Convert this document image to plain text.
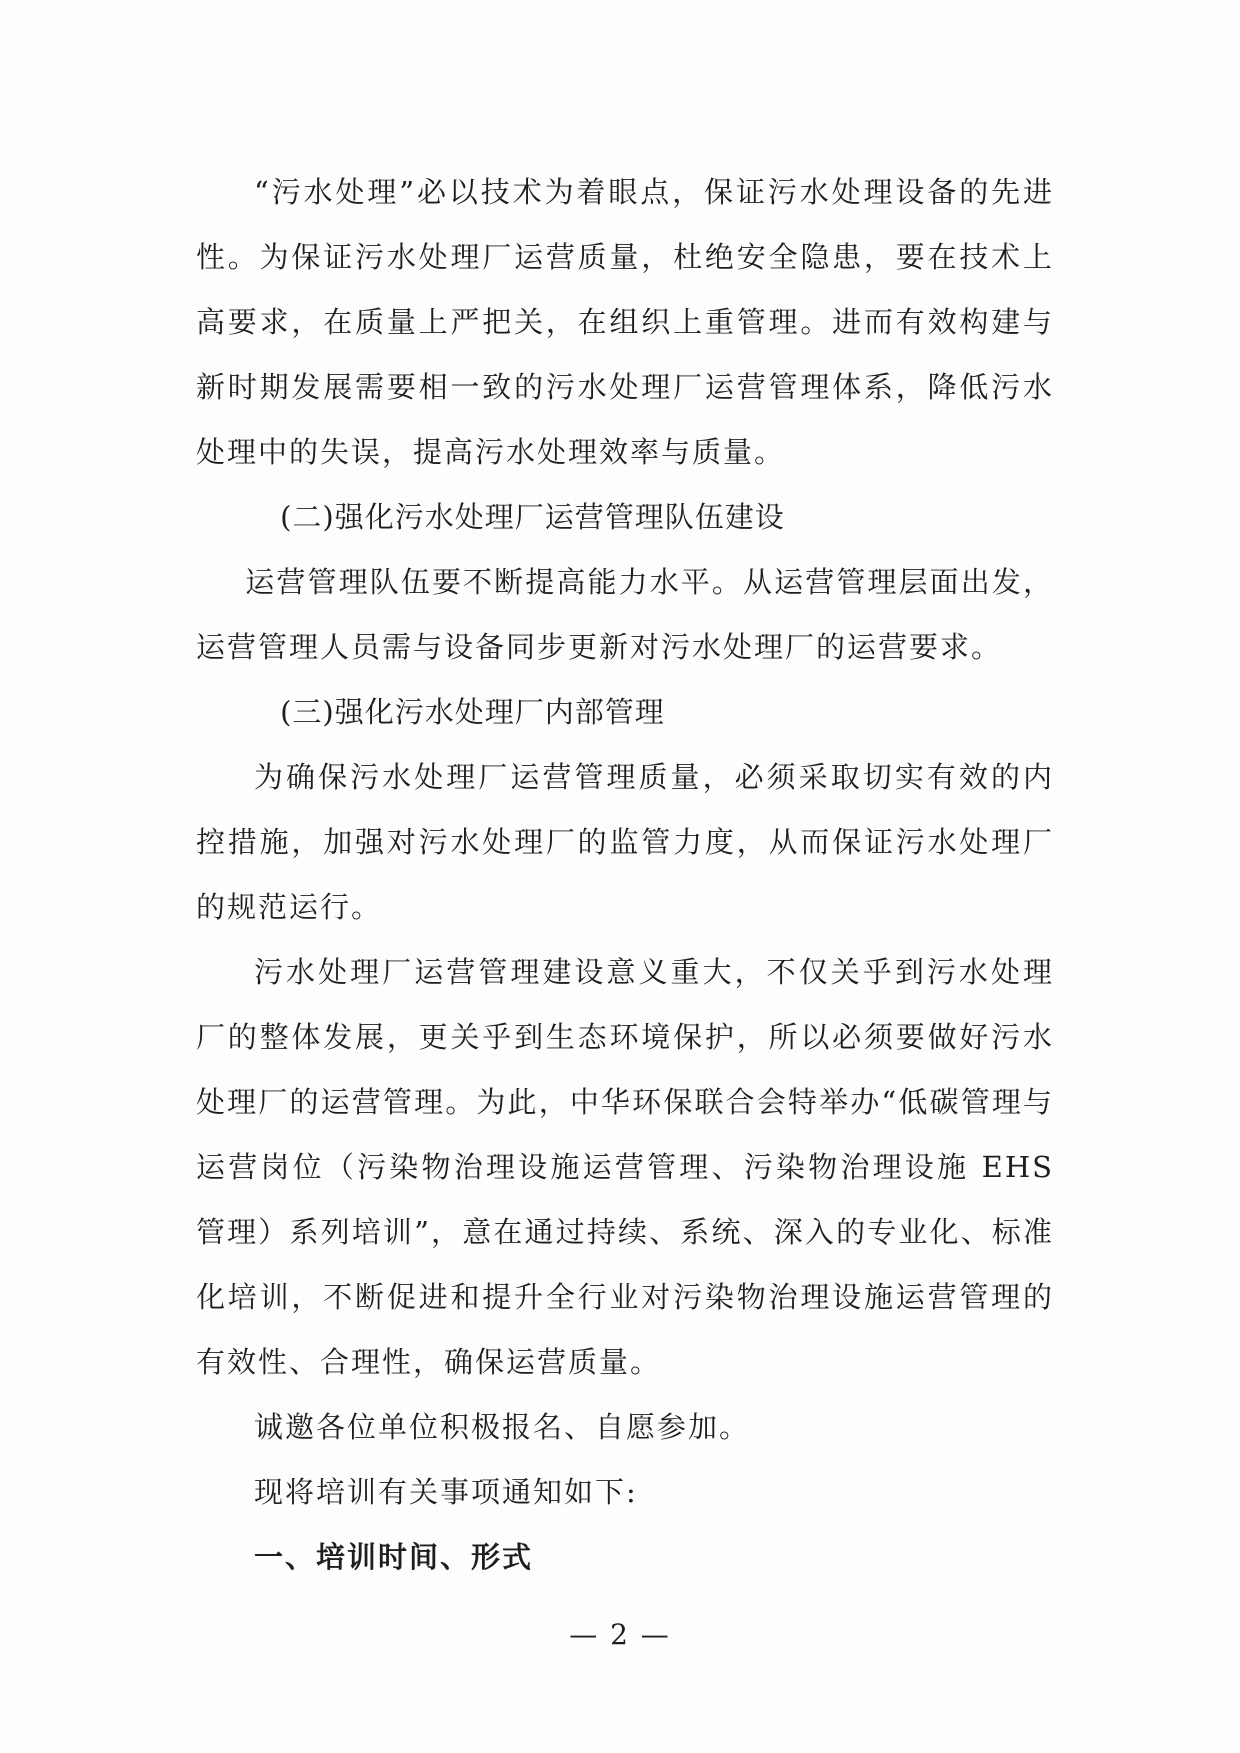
“污水处理”必以技术为着眼点，保证污水处理设备的先进性。为保证污水处理厂运营质量，杜绝安全隐患，要在技术上高要求，在质量上严把关，在组织上重管理。进而有效构建与新时期发展需要相一致的污水处理厂运营管理体系，降低污水处理中的失误，提高污水处理效率与质量。

(二)强化污水处理厂运营管理队伍建设

运营管理队伍要不断提高能力水平。从运营管理层面出发，运营管理人员需与设备同步更新对污水处理厂的运营要求。

(三)强化污水处理厂内部管理

为确保污水处理厂运营管理质量，必须采取切实有效的内控措施，加强对污水处理厂的监管力度，从而保证污水处理厂的规范运行。

污水处理厂运营管理建设意义重大，不仅关乎到污水处理厂的整体发展，更关乎到生态环境保护，所以必须要做好污水处理厂的运营管理。为此，中华环保联合会特举办“低碳管理与运营岗位（污染物治理设施运营管理、污染物治理设施 EHS 管理）系列培训”，意在通过持续、系统、深入的专业化、标准化培训，不断促进和提升全行业对污染物治理设施运营管理的有效性、合理性，确保运营质量。

诚邀各位单位积极报名、自愿参加。

现将培训有关事项通知如下:

一、培训时间、形式

— 2 —
